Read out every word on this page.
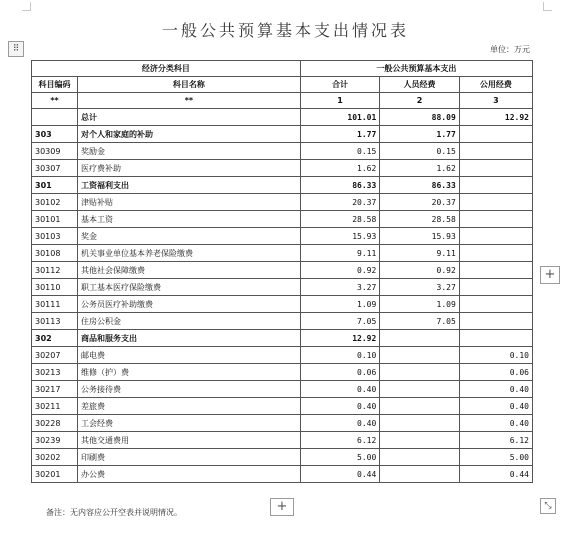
⠿
一般公共预算基本支出情况表
单位：万元
经济分类科目		一般公共预算基本支出		
科目编码	科目名称	合计	人员经费	公用经费
**	**	1	2	3
	总计	101.01	88.09	12.92
303	对个人和家庭的补助	1.77	1.77	
30309	奖励金	0.15	0.15	
30307	医疗费补助	1.62	1.62	
301	工资福利支出	86.33	86.33	
30102	津贴补贴	20.37	20.37	
30101	基本工资	28.58	28.58	
30103	奖金	15.93	15.93	
30108	机关事业单位基本养老保险缴费	9.11	9.11	
30112	其他社会保障缴费	0.92	0.92	
30110	职工基本医疗保险缴费	3.27	3.27	
30111	公务员医疗补助缴费	1.09	1.09	
30113	住房公积金	7.05	7.05	
302	商品和服务支出	12.92		
30207	邮电费	0.10		0.10
30213	维修（护）费	0.06		0.06
30217	公务接待费	0.40		0.40
30211	差旅费	0.40		0.40
30228	工会经费	0.40		0.40
30239	其他交通费用	6.12		6.12
30202	印刷费	5.00		5.00
30201	办公费	0.44		0.44
+
+	⤡
备注：无内容应公开空表并说明情况。
